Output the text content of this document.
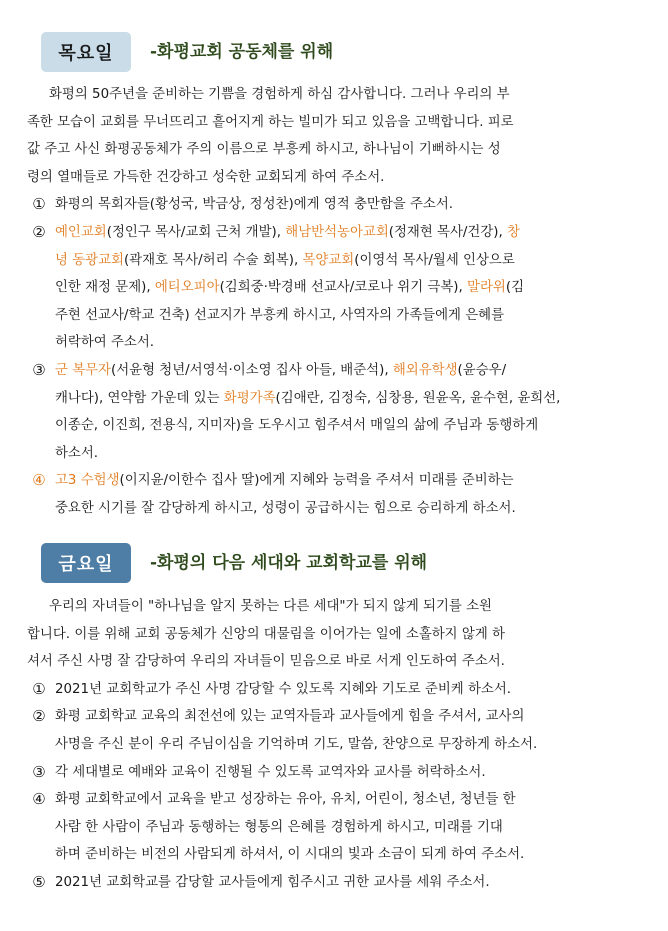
목요일	-화평교회 공동체를 위해
화평의 50주년을 준비하는 기쁨을 경험하게 하심 감사합니다. 그러나 우리의 부
족한 모습이 교회를 무너뜨리고 흩어지게 하는 빌미가 되고 있음을 고백합니다. 피로
값 주고 사신 화평공동체가 주의 이름으로 부흥케 하시고, 하나님이 기뻐하시는 성
령의 열매들로 가득한 건강하고 성숙한 교회되게 하여 주소서.
① 화평의 목회자들(황성국, 박금상, 정성찬)에게 영적 충만함을 주소서.
② 예인교회(정인구 목사/교회 근처 개발), 해남반석농아교회(정재현 목사/건강), 창
녕 동광교회(곽재호 목사/허리 수술 회복), 목양교회(이영석 목사/월세 인상으로
인한 재정 문제), 에티오피아(김희중·박경배 선교사/코로나 위기 극복), 말라위(김
주현 선교사/학교 건축) 선교지가 부흥케 하시고, 사역자의 가족들에게 은혜를
허락하여 주소서.
③ 군 복무자(서윤형 청년/서영석·이소영 집사 아들, 배준석), 해외유학생(윤승우/
캐나다), 연약함 가운데 있는 화평가족(김애란, 김정숙, 심창용, 원윤옥, 윤수현, 윤희선,
이종순, 이진희, 전용식, 지미자)을 도우시고 힘주셔서 매일의 삶에 주님과 동행하게
하소서.
④ 고3 수험생(이지윤/이한수 집사 딸)에게 지혜와 능력을 주셔서 미래를 준비하는
중요한 시기를 잘 감당하게 하시고, 성령이 공급하시는 힘으로 승리하게 하소서.
금요일	-화평의 다음 세대와 교회학교를 위해
우리의 자녀들이 "하나님을 알지 못하는 다른 세대"가 되지 않게 되기를 소원
합니다. 이를 위해 교회 공동체가 신앙의 대물림을 이어가는 일에 소홀하지 않게 하
셔서 주신 사명 잘 감당하여 우리의 자녀들이 믿음으로 바로 서게 인도하여 주소서.
① 2021년 교회학교가 주신 사명 감당할 수 있도록 지혜와 기도로 준비케 하소서.
② 화평 교회학교 교육의 최전선에 있는 교역자들과 교사들에게 힘을 주셔서, 교사의
사명을 주신 분이 우리 주님이심을 기억하며 기도, 말씀, 찬양으로 무장하게 하소서.
③ 각 세대별로 예배와 교육이 진행될 수 있도록 교역자와 교사를 허락하소서.
④ 화평 교회학교에서 교육을 받고 성장하는 유아, 유치, 어린이, 청소년, 청년들 한
사람 한 사람이 주님과 동행하는 형통의 은혜를 경험하게 하시고, 미래를 기대
하며 준비하는 비전의 사람되게 하셔서, 이 시대의 빛과 소금이 되게 하여 주소서.
⑤ 2021년 교회학교를 감당할 교사들에게 힘주시고 귀한 교사를 세워 주소서.
